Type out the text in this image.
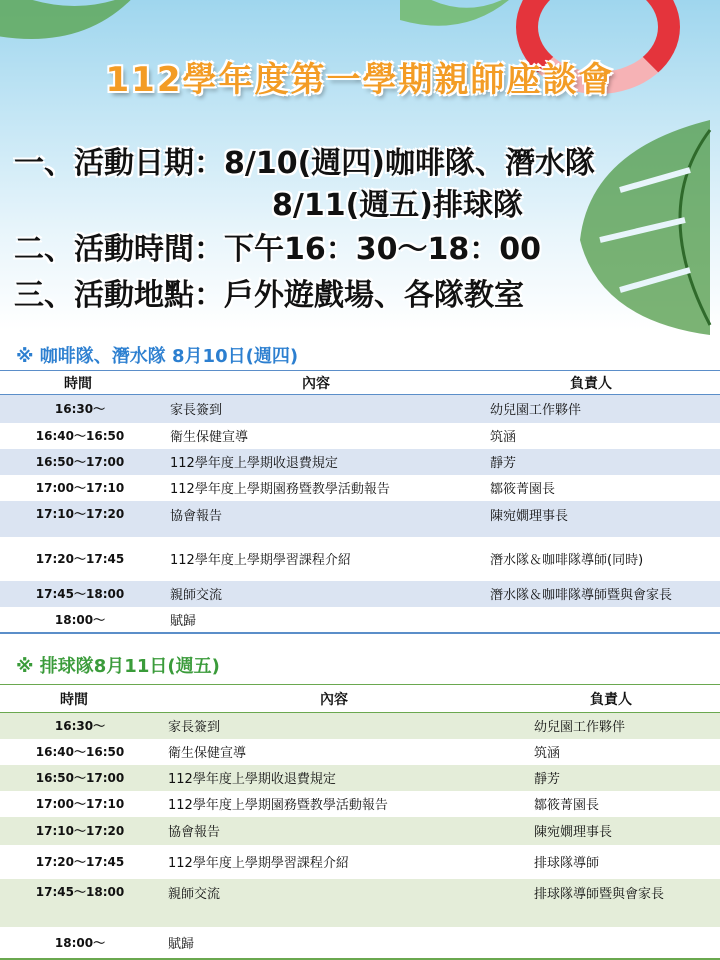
112學年度第一學期親師座談會
一、活動日期：8/10(週四)咖啡隊、潛水隊
8/11(週五)排球隊
二、活動時間：下午16：30～18：00
三、活動地點：戶外遊戲場、各隊教室
※ 咖啡隊、潛水隊 8月10日(週四)
時間	內容	負責人
16:30～	家長簽到	幼兒園工作夥伴
16:40～16:50	衛生保健宣導	筑涵
16:50～17:00	112學年度上學期收退費規定	靜芳
17:00～17:10	112學年度上學期園務暨教學活動報告	鄒筱菁園長
17:10～17:20	協會報告	陳宛嫺理事長
17:20～17:45	112學年度上學期學習課程介紹	潛水隊＆咖啡隊導師(同時)
17:45～18:00	親師交流	潛水隊＆咖啡隊導師暨與會家長
18:00～	賦歸	
※ 排球隊8月11日(週五)
時間	內容	負責人
16:30～	家長簽到	幼兒園工作夥伴
16:40～16:50	衛生保健宣導	筑涵
16:50～17:00	112學年度上學期收退費規定	靜芳
17:00～17:10	112學年度上學期園務暨教學活動報告	鄒筱菁園長
17:10～17:20	協會報告	陳宛嫺理事長
17:20～17:45	112學年度上學期學習課程介紹	排球隊導師
17:45～18:00	親師交流	排球隊導師暨與會家長
18:00～	賦歸	
